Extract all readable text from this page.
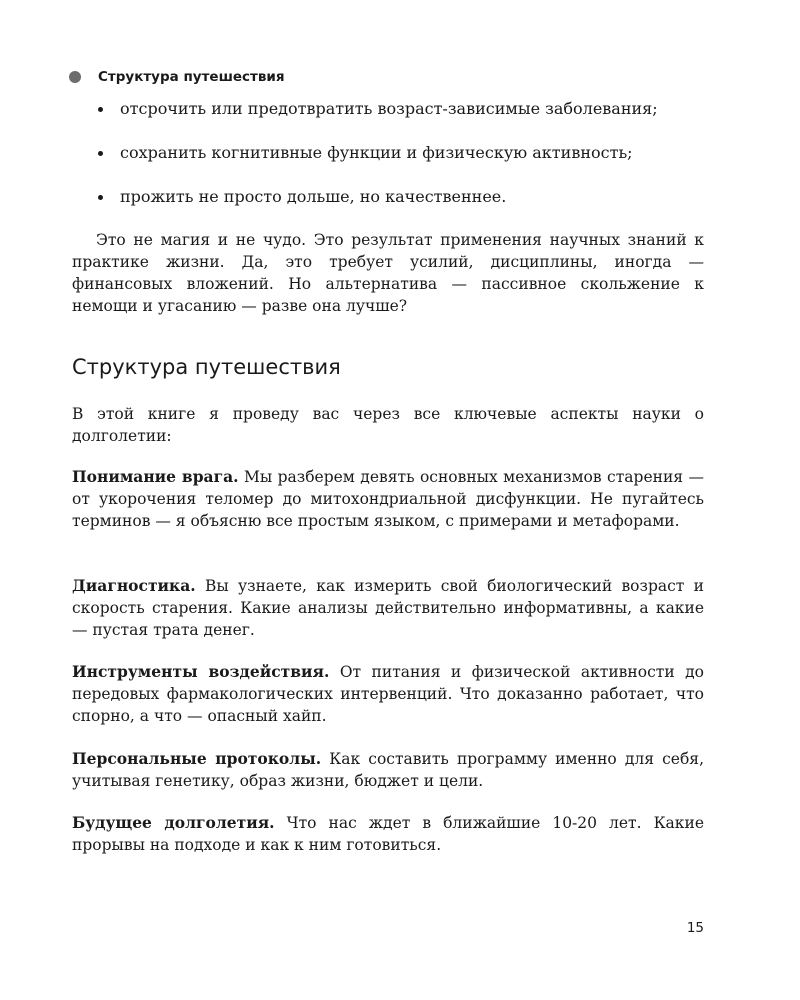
Структура путешествия
отсрочить или предотвратить возраст-зависимые заболевания;
сохранить когнитивные функции и физическую активность;
прожить не просто дольше, но качественнее.

Это не магия и не чудо. Это результат применения научных знаний к практике жизни. Да, это требует усилий, дисциплины, иногда — финансовых вложений. Но альтернатива — пассивное скольжение к немощи и угасанию — разве она лучше?

Структура путешествия

В этой книге я проведу вас через все ключевые аспекты науки о долголетии:

Понимание врага. Мы разберем девять основных механизмов старения — от укорочения теломер до митохондриальной дисфункции. Не пугайтесь терминов — я объясню все простым языком, с примерами и метафорами.

Диагностика. Вы узнаете, как измерить свой биологический возраст и скорость старения. Какие анализы действительно информативны, а какие — пустая трата денег.

Инструменты воздействия. От питания и физической активности до передовых фармакологических интервенций. Что доказанно работает, что спорно, а что — опасный хайп.

Персональные протоколы. Как составить программу именно для себя, учитывая генетику, образ жизни, бюджет и цели.

Будущее долголетия. Что нас ждет в ближайшие 10-20 лет. Какие прорывы на подходе и как к ним готовиться.

15
